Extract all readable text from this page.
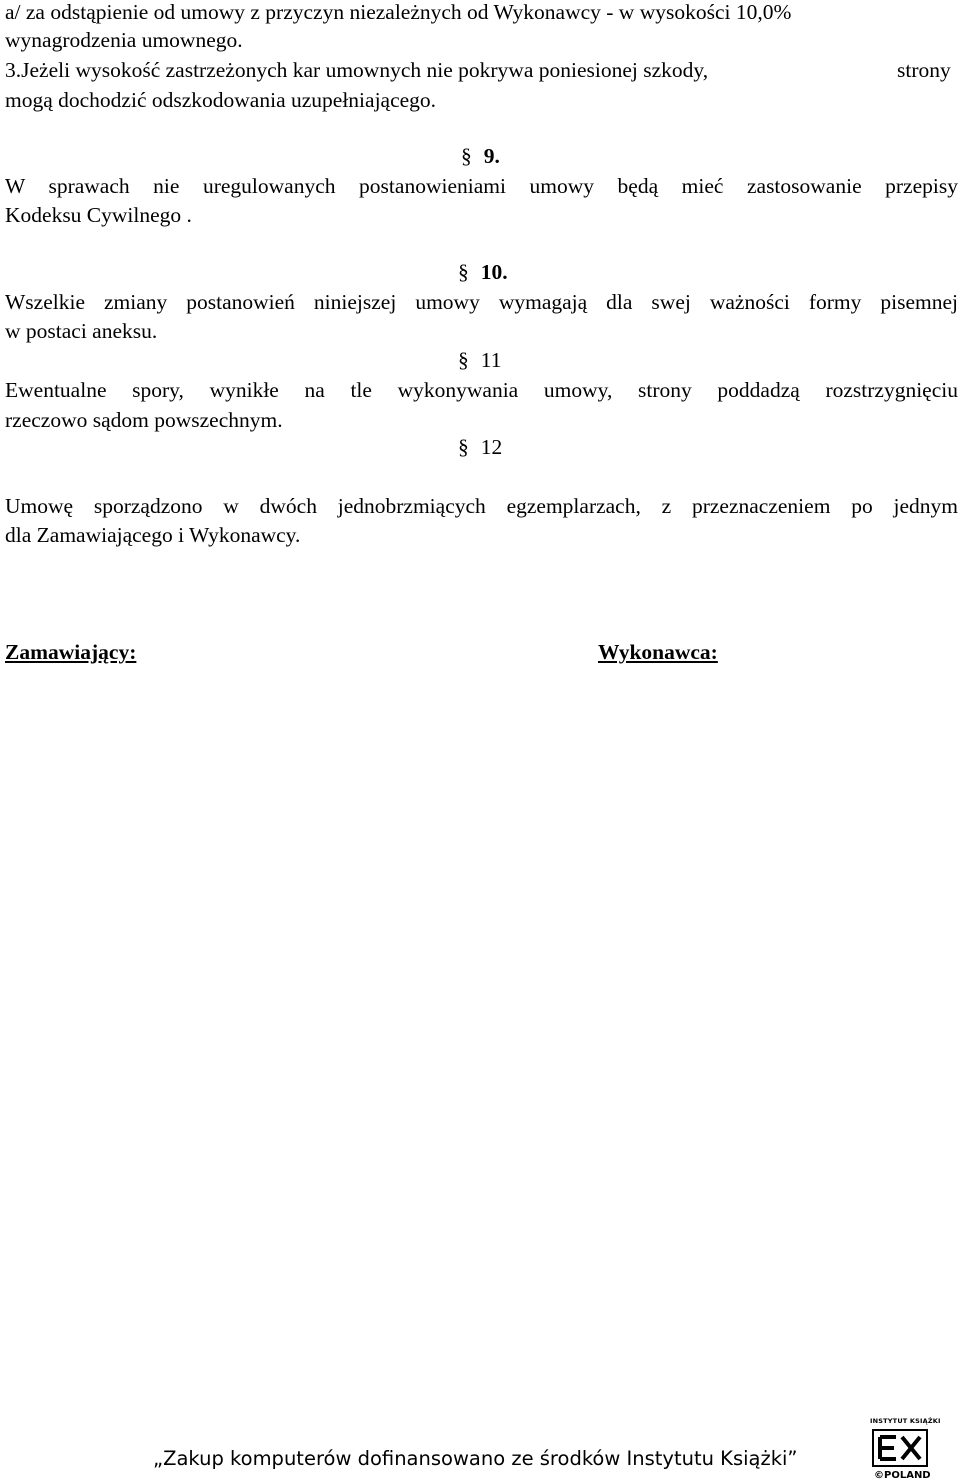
a/ za odstąpienie od umowy z przyczyn niezależnych od Wykonawcy - w wysokości 10,0%

wynagrodzenia umownego.

3.Jeżeli wysokość zastrzeżonych kar umownych nie pokrywa poniesionej szkody,	strony

mogą dochodzić odszkodowania uzupełniającego.

§ 9.

W sprawach nie uregulowanych postanowieniami umowy będą mieć zastosowanie przepisy

Kodeksu Cywilnego .

§ 10.

Wszelkie zmiany postanowień niniejszej umowy wymagają dla swej ważności formy pisemnej

w postaci aneksu.

§ 11

Ewentualne spory, wynikłe na tle wykonywania umowy, strony poddadzą rozstrzygnięciu

rzeczowo sądom powszechnym.

§ 12

Umowę sporządzono w dwóch jednobrzmiących egzemplarzach, z przeznaczeniem po jednym

dla Zamawiającego i Wykonawcy.

Zamawiający:	Wykonawca:

„Zakup komputerów dofinansowano ze środków Instytutu Książki”
INSTYTUT KSIĄŻKI
©POLAND
